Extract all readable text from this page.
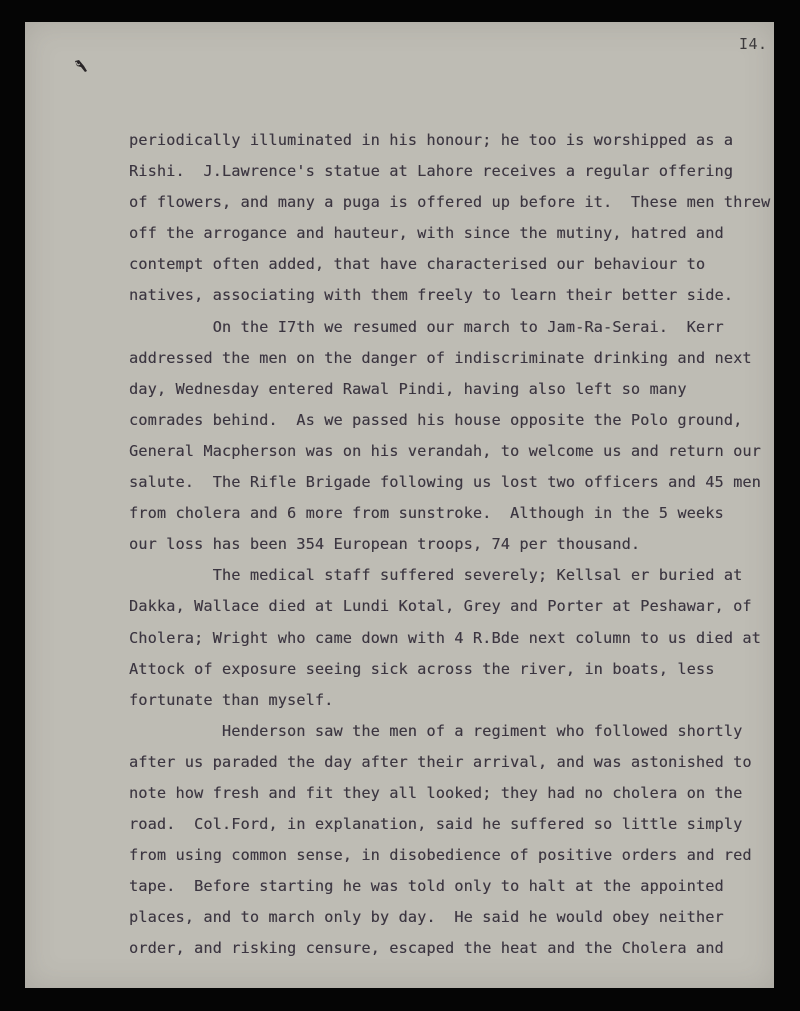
I4.
periodically illuminated in his honour; he too is worshipped as a
Rishi.  J.Lawrence's statue at Lahore receives a regular offering
of flowers, and many a puga is offered up before it.  These men threw
off the arrogance and hauteur, with since the mutiny, hatred and
contempt often added, that have characterised our behaviour to
natives, associating with them freely to learn their better side.
On the I7th we resumed our march to Jam-Ra-Serai.  Kerr
addressed the men on the danger of indiscriminate drinking and next
day, Wednesday entered Rawal Pindi, having also left so many
comrades behind.  As we passed his house opposite the Polo ground,
General Macpherson was on his verandah, to welcome us and return our
salute.  The Rifle Brigade following us lost two officers and 45 men
from cholera and 6 more from sunstroke.  Although in the 5 weeks
our loss has been 354 European troops, 74 per thousand.
The medical staff suffered severely; Kellsal er buried at
Dakka, Wallace died at Lundi Kotal, Grey and Porter at Peshawar, of
Cholera; Wright who came down with 4 R.Bde next column to us died at
Attock of exposure seeing sick across the river, in boats, less
fortunate than myself.
Henderson saw the men of a regiment who followed shortly
after us paraded the day after their arrival, and was astonished to
note how fresh and fit they all looked; they had no cholera on the
road.  Col.Ford, in explanation, said he suffered so little simply
from using common sense, in disobedience of positive orders and red
tape.  Before starting he was told only to halt at the appointed
places, and to march only by day.  He said he would obey neither
order, and risking censure, escaped the heat and the Cholera and
